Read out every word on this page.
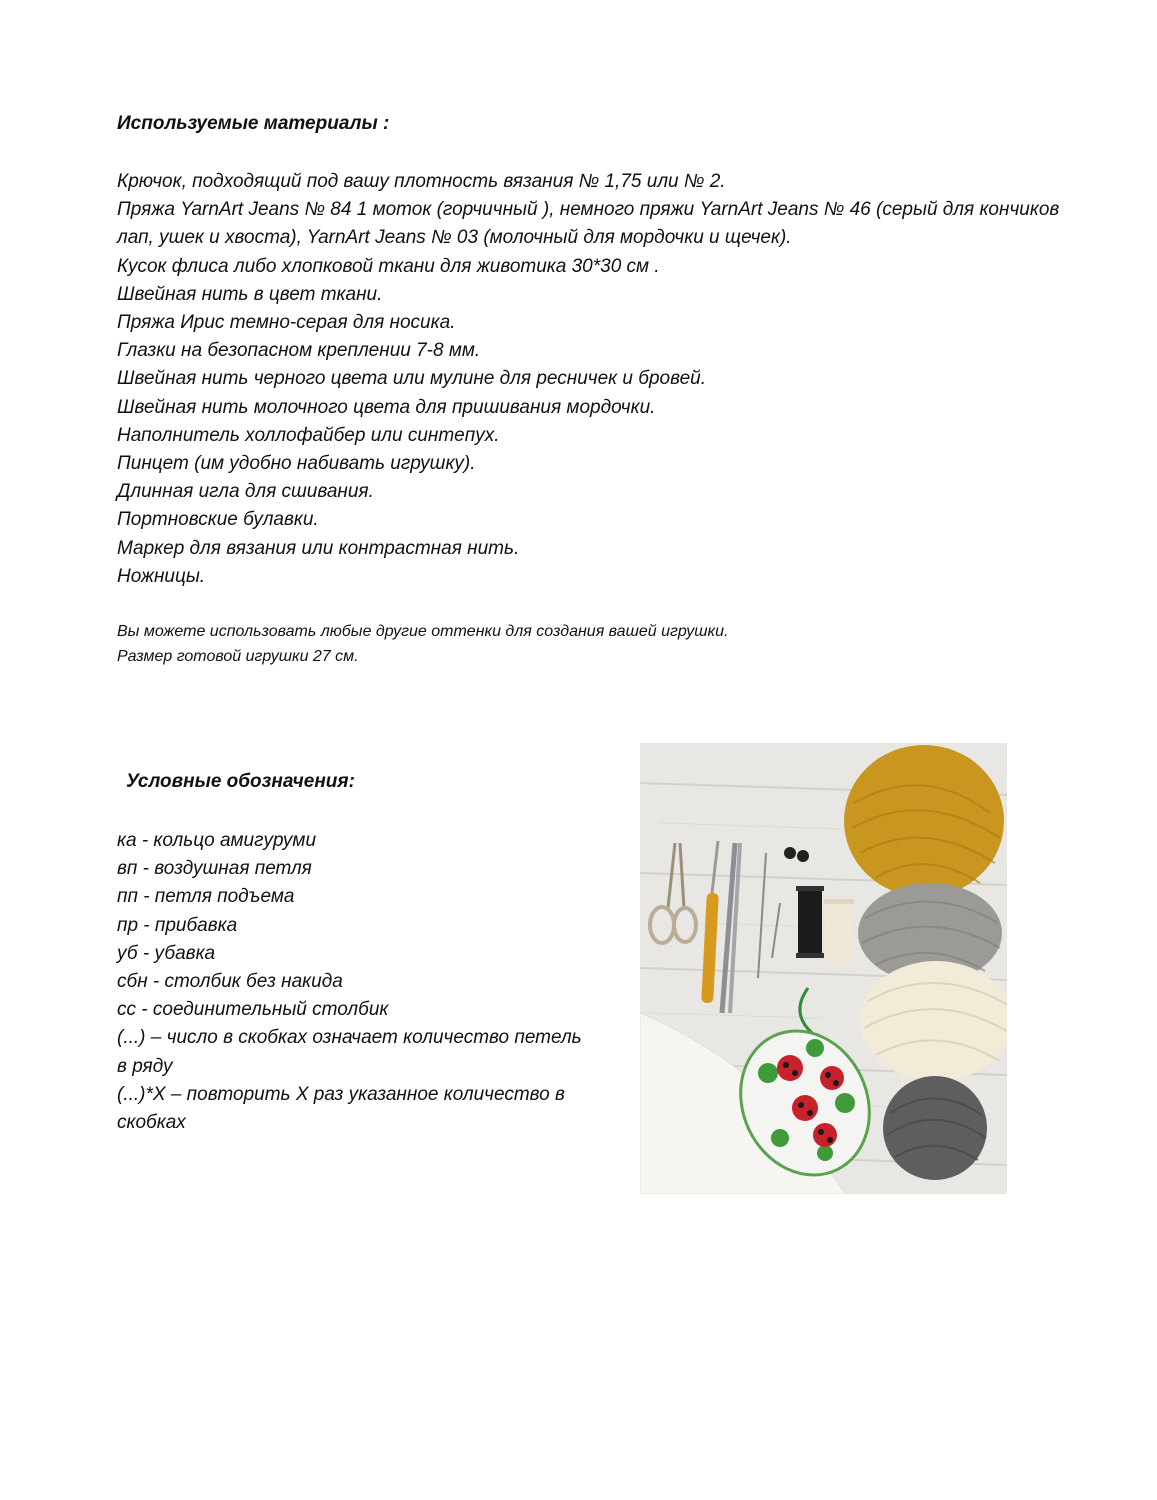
Используемые материалы :
Крючок, подходящий под вашу плотность вязания № 1,75 или № 2.
Пряжа YarnArt Jeans № 84 1 моток (горчичный ), немного пряжи YarnArt Jeans № 46 (серый для кончиков лап, ушек и хвоста), YarnArt Jeans № 03 (молочный для мордочки и щечек).
Кусок флиса либо хлопковой ткани для животика 30*30 см .
Швейная нить в цвет ткани.
Пряжа Ирис темно-серая для носика.
Глазки на безопасном креплении 7-8 мм.
Швейная нить черного цвета или мулине для ресничек и бровей.
Швейная нить молочного цвета для пришивания мордочки.
Наполнитель холлофайбер или синтепух.
Пинцет (им удобно набивать игрушку).
Длинная игла для сшивания.
Портновские булавки.
Маркер для вязания или контрастная нить.
Ножницы.
Вы можете использовать любые другие оттенки для создания вашей игрушки.
Размер готовой игрушки 27 см.
Условные обозначения:
ка - кольцо амигуруми
вп - воздушная петля
пп - петля подъема
пр - прибавка
уб - убавка
сбн - столбик без накида
сс - соединительный столбик
(...) – число в скобках означает количество петель в ряду
(...)*X – повторить X раз указанное количество в скобках
